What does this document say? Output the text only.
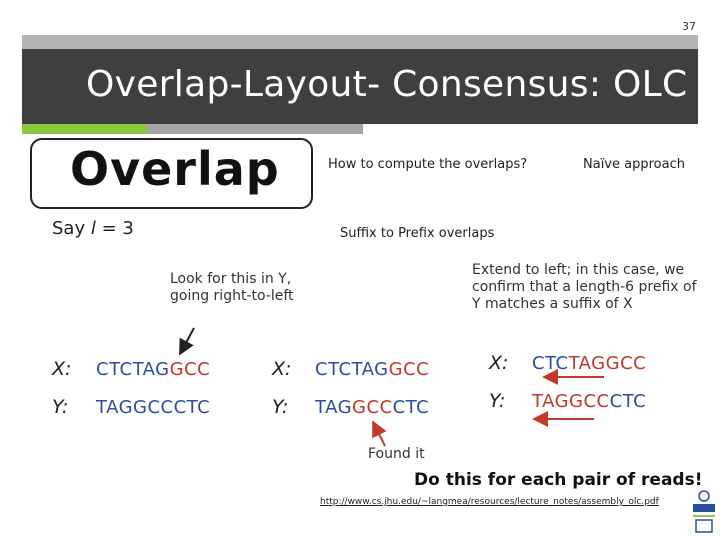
37
Overlap-Layout- Consensus: OLC
Overlap	How to compute the overlaps?	Naïve approach
Suffix to Prefix overlaps
Say l = 3
Look for this in Y, going right-to-left
Extend to left; in this case, we confirm that a length-6 prefix of Y matches a suffix of X
Found it
X: CTCTAGGCC
Y: TAGGCCCTC
X: CTCTAGGCC
Y: TAGGCCCTC
X: CTCTAGGCC
Y: TAGGCCCTC
Do this for each pair of reads!
http://www.cs.jhu.edu/~langmea/resources/lecture_notes/assembly_olc.pdf
